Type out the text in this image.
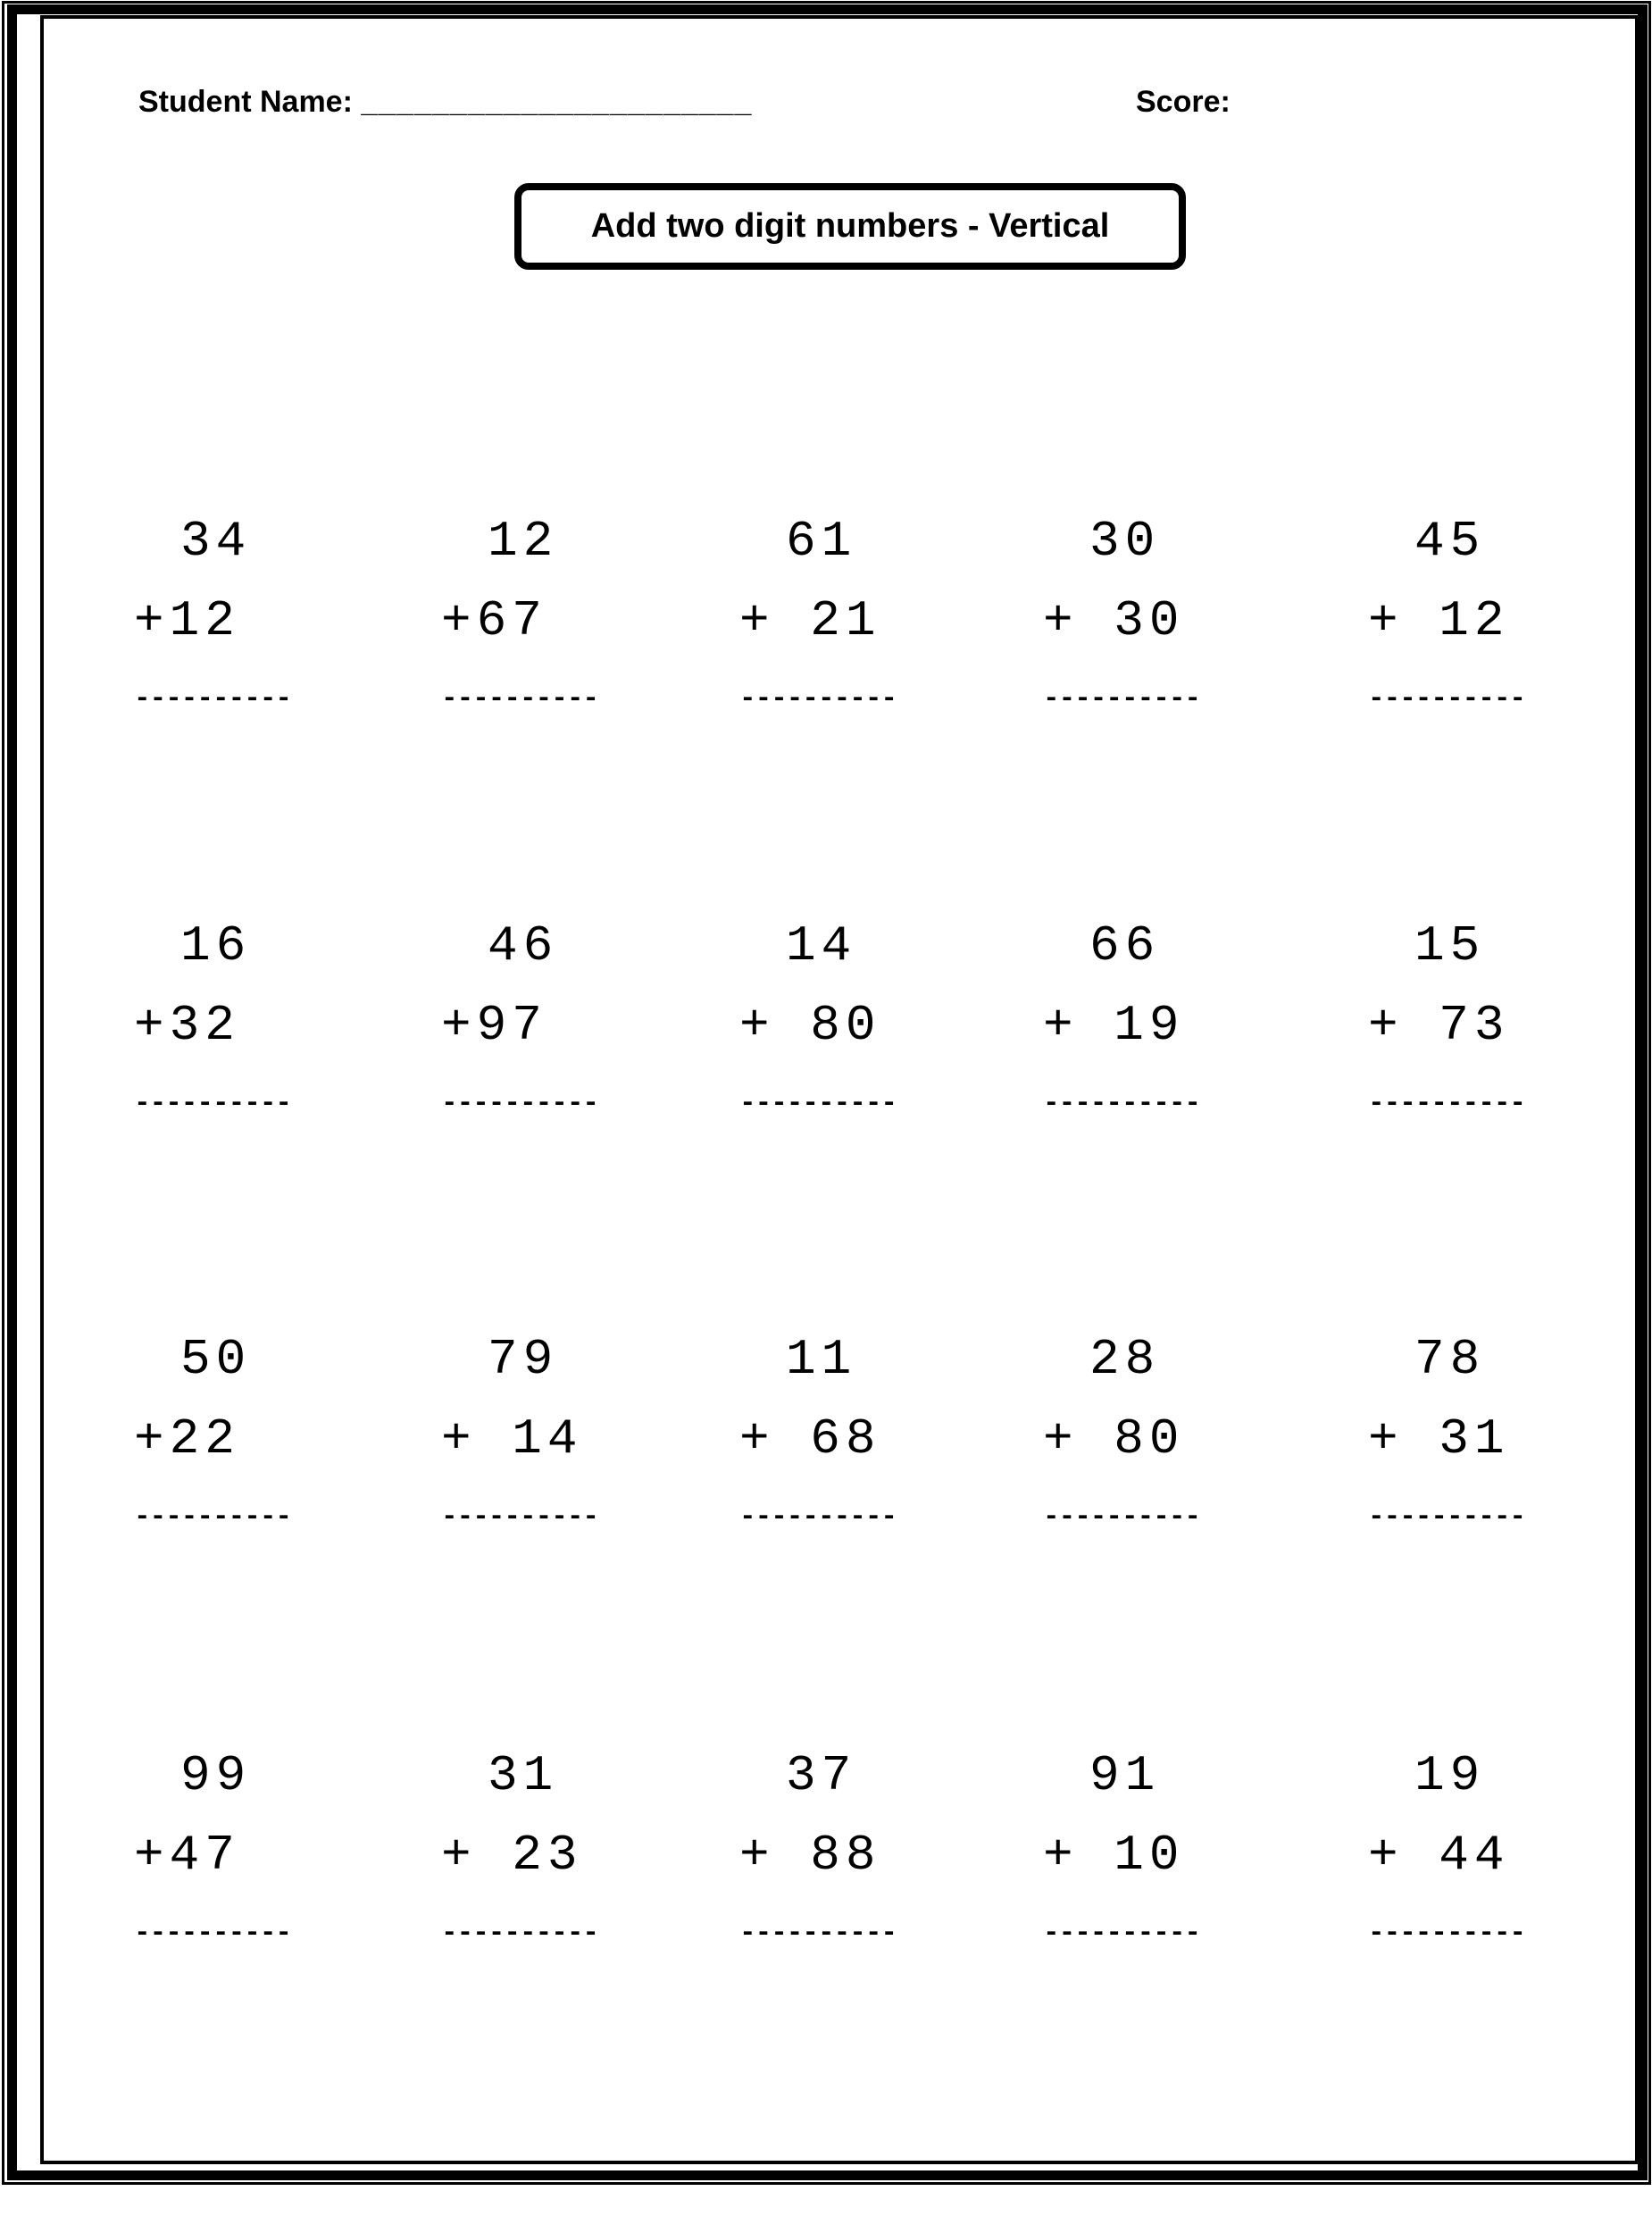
Student Name: ______________________	Score:
Add two digit numbers - Vertical
34
+12
----------
12
+67
----------
61
+ 21
----------
30
+ 30
----------
45
+ 12
----------
16
+32
----------
46
+97
----------
14
+ 80
----------
66
+ 19
----------
15
+ 73
----------
50
+22
----------
79
+ 14
----------
11
+ 68
----------
28
+ 80
----------
78
+ 31
----------
99
+47
----------
31
+ 23
----------
37
+ 88
----------
91
+ 10
----------
19
+ 44
----------
